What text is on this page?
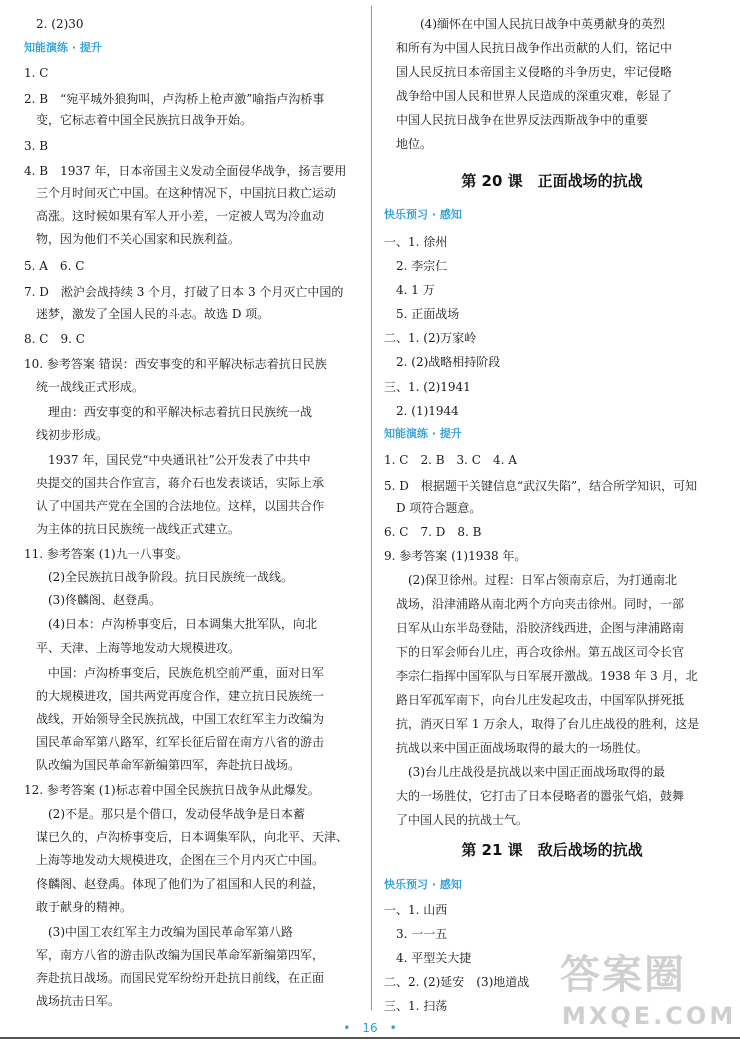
2. (2)30
知能演练 · 提升
1. C
2. B　“宛平城外狼狗叫，卢沟桥上枪声激”喻指卢沟桥事
变，它标志着中国全民族抗日战争开始。
3. B
4. B　1937 年，日本帝国主义发动全面侵华战争，扬言要用
三个月时间灭亡中国。在这种情况下，中国抗日救亡运动
高涨。这时候如果有军人开小差，一定被人骂为冷血动
物，因为他们不关心国家和民族利益。
5. A　6. C
7. D　淞沪会战持续 3 个月，打破了日本 3 个月灭亡中国的
迷梦，激发了全国人民的斗志。故选 D 项。
8. C　9. C
10. 参考答案 错误：西安事变的和平解决标志着抗日民族
统一战线正式形成。
理由：西安事变的和平解决标志着抗日民族统一战
线初步形成。
1937 年，国民党“中央通讯社”公开发表了中共中
央提交的国共合作宣言，蒋介石也发表谈话，实际上承
认了中国共产党在全国的合法地位。这样，以国共合作
为主体的抗日民族统一战线正式建立。
11. 参考答案 (1)九一八事变。
(2)全民族抗日战争阶段。抗日民族统一战线。
(3)佟麟阁、赵登禹。
(4)日本：卢沟桥事变后，日本调集大批军队，向北
平、天津、上海等地发动大规模进攻。
中国：卢沟桥事变后，民族危机空前严重，面对日军
的大规模进攻，国共两党再度合作，建立抗日民族统一
战线，开始领导全民族抗战，中国工农红军主力改编为
国民革命军第八路军，红军长征后留在南方八省的游击
队改编为国民革命军新编第四军，奔赴抗日战场。
12. 参考答案 (1)标志着中国全民族抗日战争从此爆发。
(2)不是。那只是个借口，发动侵华战争是日本蓄
谋已久的，卢沟桥事变后，日本调集军队，向北平、天津、
上海等地发动大规模进攻，企图在三个月内灭亡中国。
佟麟阁、赵登禹。体现了他们为了祖国和人民的利益，
敢于献身的精神。
(3)中国工农红军主力改编为国民革命军第八路
军，南方八省的游击队改编为国民革命军新编第四军，
奔赴抗日战场。而国民党军纷纷开赴抗日前线，在正面
战场抗击日军。
(4)缅怀在中国人民抗日战争中英勇献身的英烈
和所有为中国人民抗日战争作出贡献的人们，铭记中
国人民反抗日本帝国主义侵略的斗争历史，牢记侵略
战争给中国人民和世界人民造成的深重灾难，彰显了
中国人民抗日战争在世界反法西斯战争中的重要
地位。
第 20 课　正面战场的抗战
快乐预习 · 感知
一、1. 徐州
2. 李宗仁
4. 1 万
5. 正面战场
二、1. (2)万家岭
2. (2)战略相持阶段
三、1. (2)1941
2. (1)1944
知能演练 · 提升
1. C　2. B　3. C　4. A
5. D　根据题干关键信息“武汉失陷”，结合所学知识，可知
D 项符合题意。
6. C　7. D　8. B
9. 参考答案 (1)1938 年。
(2)保卫徐州。过程：日军占领南京后，为打通南北
战场，沿津浦路从南北两个方向夹击徐州。同时，一部
日军从山东半岛登陆，沿胶济线西进，企图与津浦路南
下的日军会师台儿庄，再合攻徐州。第五战区司令长官
李宗仁指挥中国军队与日军展开激战。1938 年 3 月，北
路日军孤军南下，向台儿庄发起攻击，中国军队拼死抵
抗，消灭日军 1 万余人，取得了台儿庄战役的胜利，这是
抗战以来中国正面战场取得的最大的一场胜仗。
(3)台儿庄战役是抗战以来中国正面战场取得的最
大的一场胜仗，它打击了日本侵略者的嚣张气焰，鼓舞
了中国人民的抗战士气。
第 21 课　敌后战场的抗战
快乐预习 · 感知
一、1. 山西
3. 一一五
4. 平型关大捷
二、2. (2)延安　(3)地道战
三、1. 扫荡
•　16　•
答案圈
MXQE.COM
